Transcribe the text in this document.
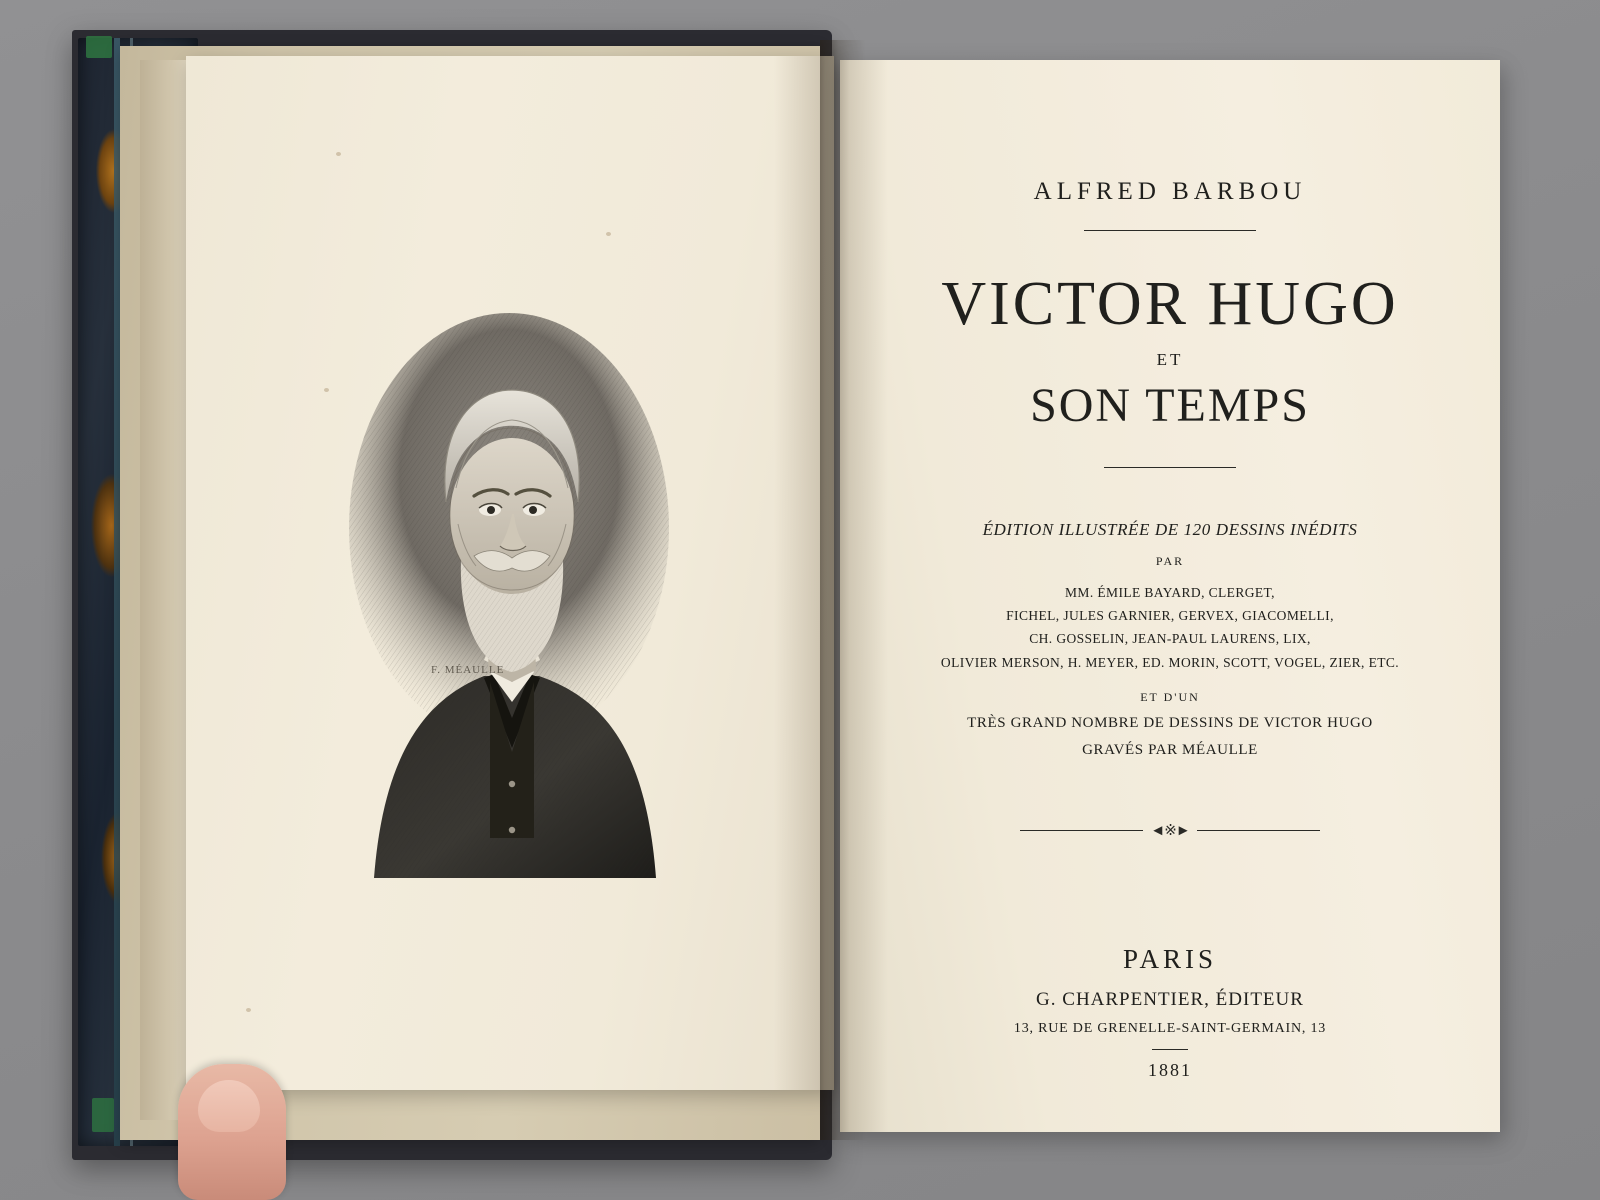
F. MÉAULLE
ALFRED BARBOU
VICTOR HUGO
ET
SON TEMPS
ÉDITION ILLUSTRÉE DE 120 DESSINS INÉDITS
PAR
MM. ÉMILE BAYARD, CLERGET,
FICHEL, JULES GARNIER, GERVEX, GIACOMELLI,
CH. GOSSELIN, JEAN-PAUL LAURENS, LIX,
OLIVIER MERSON, H. MEYER, ED. MORIN, SCOTT, VOGEL, ZIER, ETC.
ET D'UN
TRÈS GRAND NOMBRE DE DESSINS DE VICTOR HUGO
GRAVÉS PAR MÉAULLE
◄※►
PARIS
G. CHARPENTIER, ÉDITEUR
13, RUE DE GRENELLE-SAINT-GERMAIN, 13
1881
